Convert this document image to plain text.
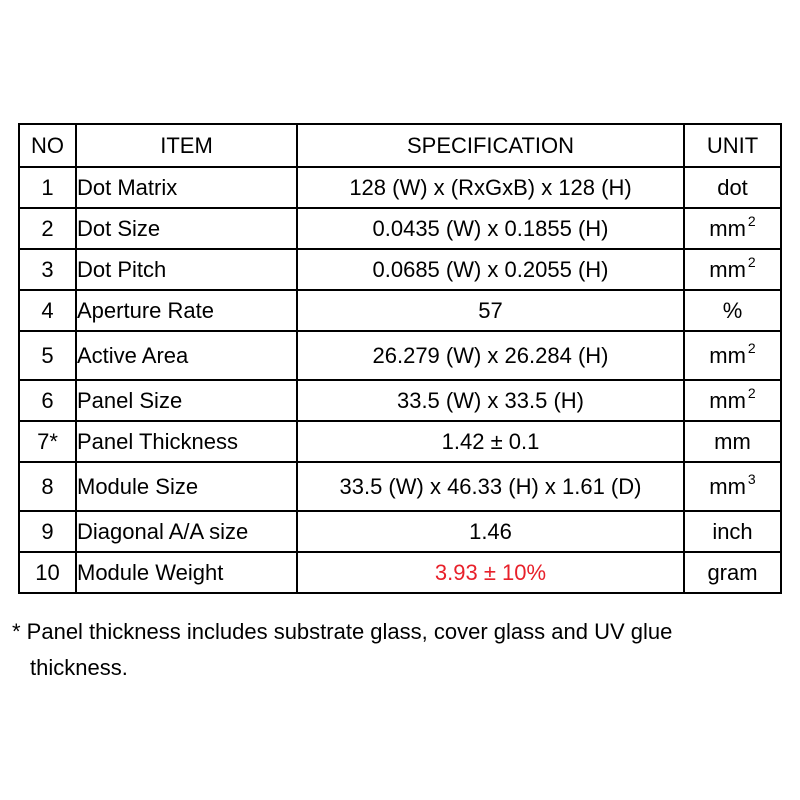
NO	ITEM	SPECIFICATION	UNIT
1	Dot Matrix	128 (W) x (RxGxB) x 128 (H)	dot
2	Dot Size	0.0435 (W) x 0.1855 (H)	mm $^2$
3	Dot Pitch	0.0685 (W) x 0.2055 (H)	mm $^2$
4	Aperture Rate	57	%
5	Active Area	26.279 (W) x 26.284 (H)	mm $^2$
6	Panel Size	33.5 (W) x 33.5 (H)	mm $^2$
7*	Panel Thickness	1.42 ± 0.1	mm
8	Module Size	33.5 (W) x 46.33 (H) x 1.61 (D)	mm $^3$
9	Diagonal A/A size	1.46	inch
10	Module Weight	3.93 ± 10%	gram
* Panel thickness includes substrate glass, cover glass and UV glue
thickness.
